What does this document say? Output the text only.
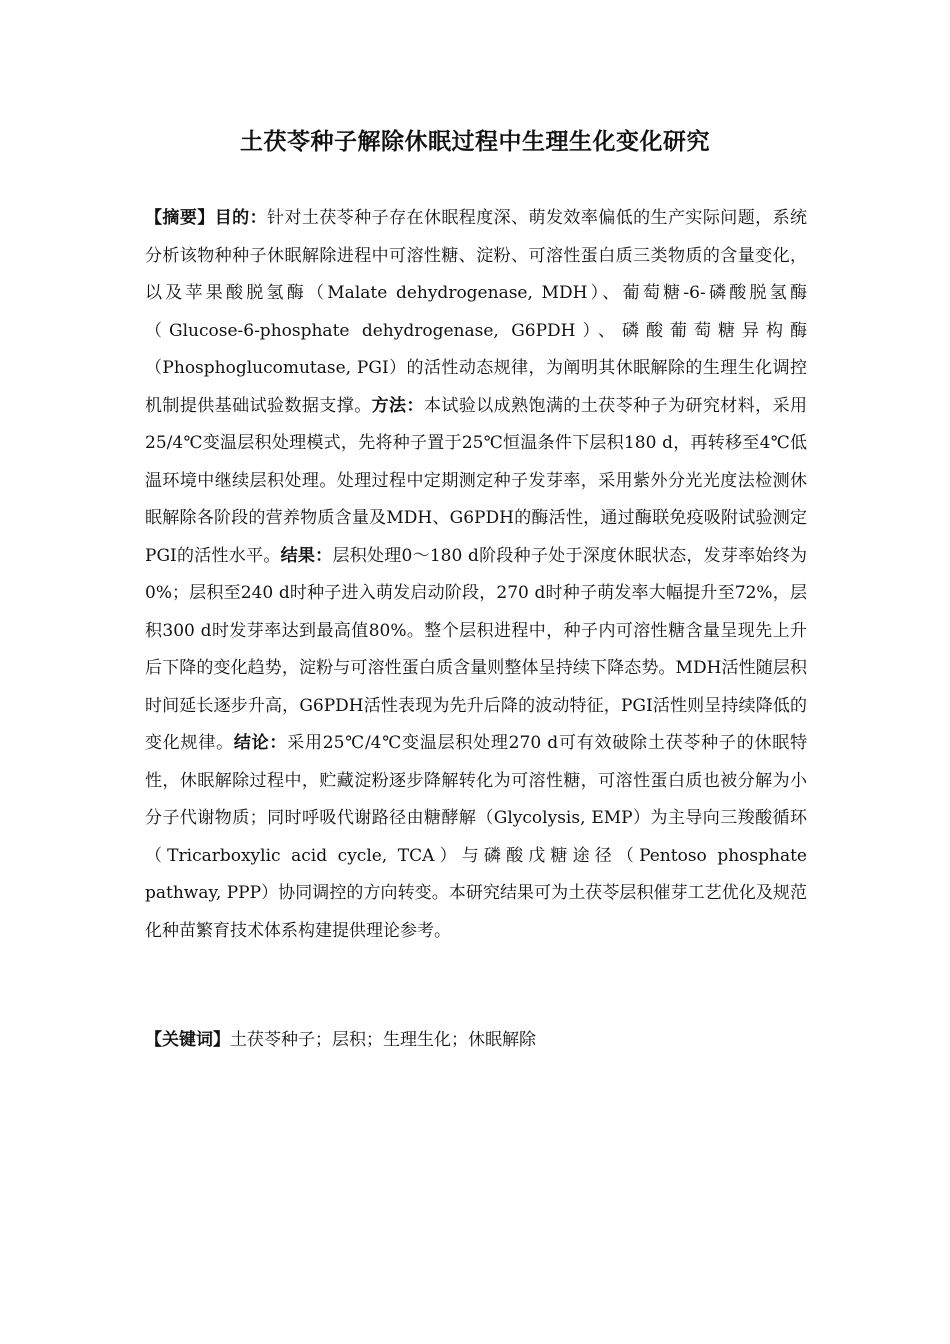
土茯苓种子解除休眠过程中生理生化变化研究
【摘要】目的：针对土茯苓种子存在休眠程度深、萌发效率偏低的生产实际问题，系统分析该物种种子休眠解除进程中可溶性糖、淀粉、可溶性蛋白质三类物质的含量变化，以及苹果酸脱氢酶（Malate dehydrogenase, MDH）、葡萄糖-6-磷酸脱氢酶（Glucose-6-phosphate dehydrogenase, G6PDH）、磷酸葡萄糖异构酶（Phosphoglucomutase, PGI）的活性动态规律，为阐明其休眠解除的生理生化调控机制提供基础试验数据支撑。方法：本试验以成熟饱满的土茯苓种子为研究材料，采用25/4℃变温层积处理模式，先将种子置于25℃恒温条件下层积180 d，再转移至4℃低温环境中继续层积处理。处理过程中定期测定种子发芽率，采用紫外分光光度法检测休眠解除各阶段的营养物质含量及MDH、G6PDH的酶活性，通过酶联免疫吸附试验测定PGI的活性水平。结果：层积处理0～180 d阶段种子处于深度休眠状态，发芽率始终为0%；层积至240 d时种子进入萌发启动阶段，270 d时种子萌发率大幅提升至72%，层积300 d时发芽率达到最高值80%。整个层积进程中，种子内可溶性糖含量呈现先上升后下降的变化趋势，淀粉与可溶性蛋白质含量则整体呈持续下降态势。MDH活性随层积时间延长逐步升高，G6PDH活性表现为先升后降的波动特征，PGI活性则呈持续降低的变化规律。结论：采用25℃/4℃变温层积处理270 d可有效破除土茯苓种子的休眠特性，休眠解除过程中，贮藏淀粉逐步降解转化为可溶性糖，可溶性蛋白质也被分解为小分子代谢物质；同时呼吸代谢路径由糖酵解（Glycolysis, EMP）为主导向三羧酸循环（Tricarboxylic acid cycle, TCA）与磷酸戊糖途径（Pentoso phosphate pathway, PPP）协同调控的方向转变。本研究结果可为土茯苓层积催芽工艺优化及规范化种苗繁育技术体系构建提供理论参考。
【关键词】土茯苓种子；层积；生理生化；休眠解除
